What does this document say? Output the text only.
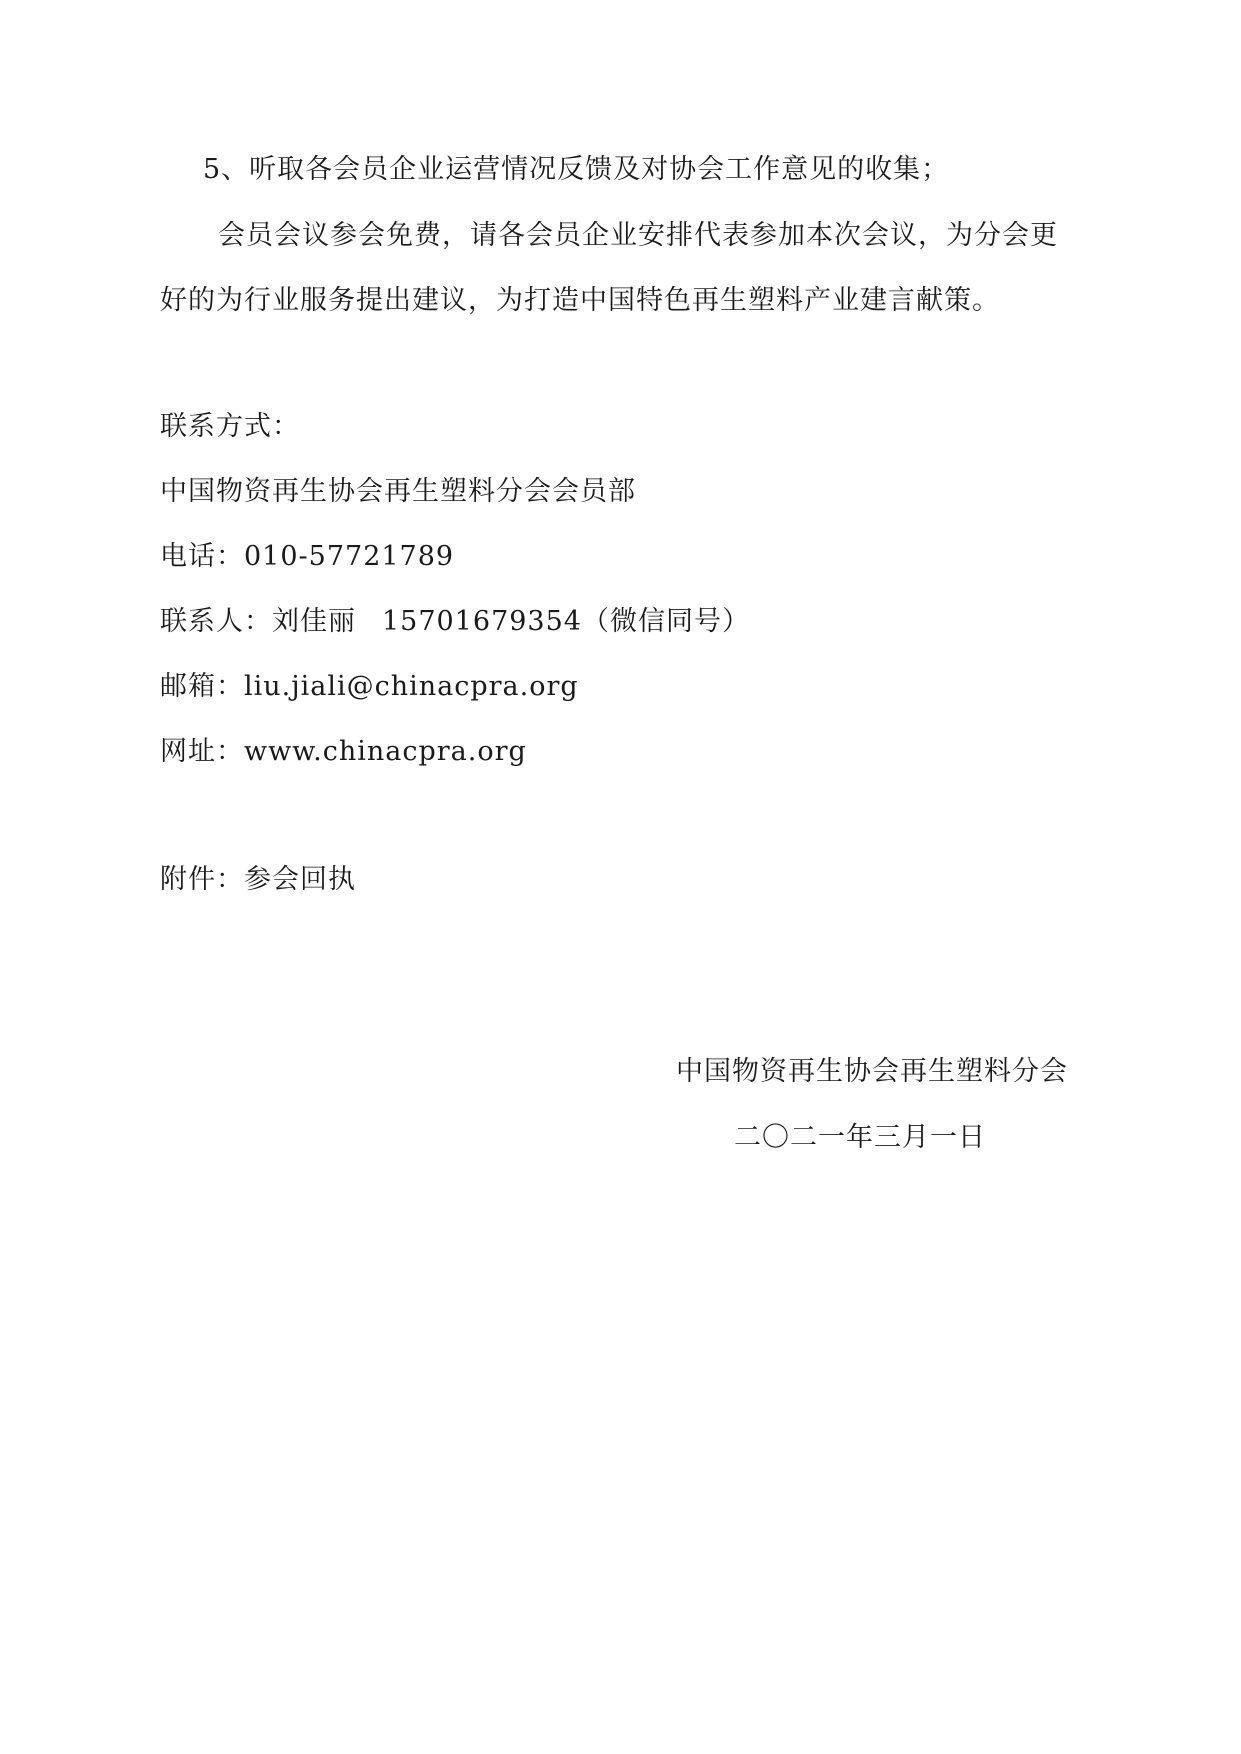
5、听取各会员企业运营情况反馈及对协会工作意见的收集；
会员会议参会免费，请各会员企业安排代表参加本次会议，为分会更
好的为行业服务提出建议，为打造中国特色再生塑料产业建言献策。
联系方式：
中国物资再生协会再生塑料分会会员部
电话：010-57721789
联系人：刘佳丽 15701679354（微信同号）
邮箱：liu.jiali@chinacpra.org
网址：www.chinacpra.org
附件：参会回执
中国物资再生协会再生塑料分会
二〇二一年三月一日
